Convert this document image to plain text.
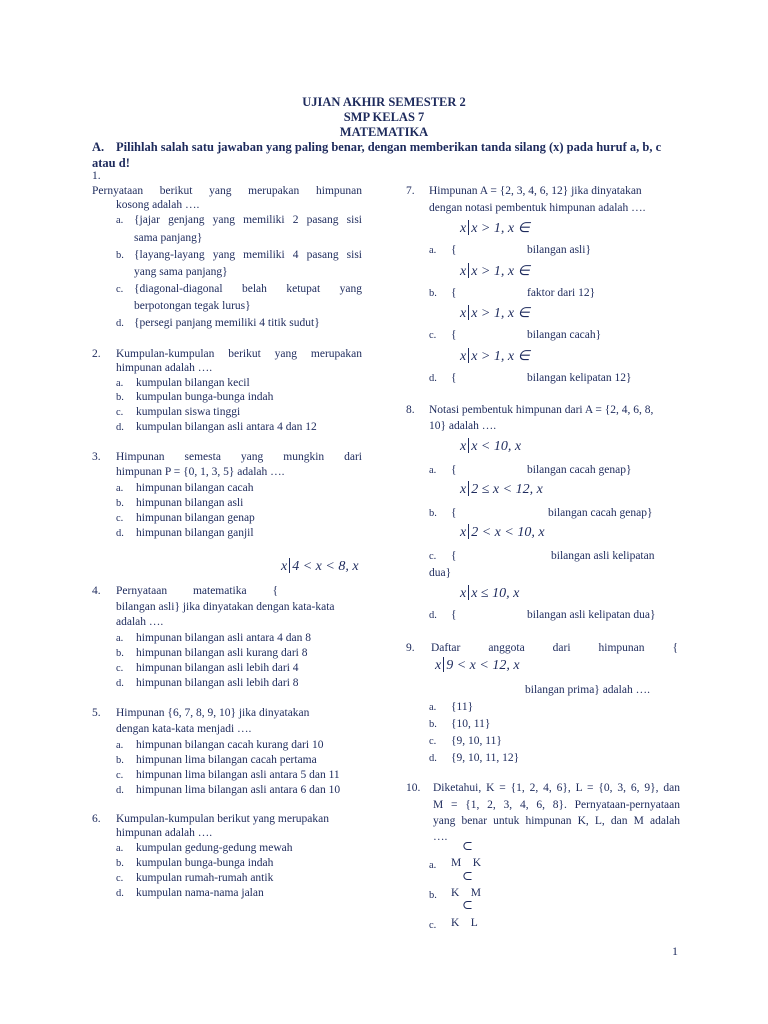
UJIAN AKHIR SEMESTER 2
SMP KELAS 7
MATEMATIKA
A. Pilihlah salah satu jawaban yang paling benar, dengan memberikan tanda silang (x) pada huruf a, b, c
atau d!
1.
Pernyataan berikut yang merupakan himpunan
kosong adalah ….
a. {jajar genjang yang memiliki 2 pasang sisi
sama panjang}
b. {layang-layang yang memiliki 4 pasang sisi
yang sama panjang}
c. {diagonal-diagonal belah ketupat yang
berpotongan tegak lurus}
d. {persegi panjang memiliki 4 titik sudut}
2. Kumpulan-kumpulan berikut yang merupakan
himpunan adalah ….
a. kumpulan bilangan kecil
b. kumpulan bunga-bunga indah
c. kumpulan siswa tinggi
d. kumpulan bilangan asli antara 4 dan 12
3. Himpunan semesta yang mungkin dari
himpunan P = {0, 1, 3, 5} adalah ….
a. himpunan bilangan cacah
b. himpunan bilangan asli
c. himpunan bilangan genap
d. himpunan bilangan ganjil
x 4 < x < 8, x
4. Pernyataan matematika {
bilangan asli} jika dinyatakan dengan kata-kata
adalah ….
a. himpunan bilangan asli antara 4 dan 8
b. himpunan bilangan asli kurang dari 8
c. himpunan bilangan asli lebih dari 4
d. himpunan bilangan asli lebih dari 8
5. Himpunan {6, 7, 8, 9, 10} jika dinyatakan
dengan kata-kata menjadi ….
a. himpunan bilangan cacah kurang dari 10
b. himpunan lima bilangan cacah pertama
c. himpunan lima bilangan asli antara 5 dan 11
d. himpunan lima bilangan asli antara 6 dan 10
6. Kumpulan-kumpulan berikut yang merupakan
himpunan adalah ….
a. kumpulan gedung-gedung mewah
b. kumpulan bunga-bunga indah
c. kumpulan rumah-rumah antik
d. kumpulan nama-nama jalan
7. Himpunan A = {2, 3, 4, 6, 12} jika dinyatakan
dengan notasi pembentuk himpunan adalah ….
x x > 1, x ∈
a. {	bilangan asli}
x x > 1, x ∈
b. {	faktor dari 12}
x x > 1, x ∈
c. {	bilangan cacah}
x x > 1, x ∈
d. {	bilangan kelipatan 12}
8. Notasi pembentuk himpunan dari A = {2, 4, 6, 8,
10} adalah ….
x x < 10, x
a. {	bilangan cacah genap}
x 2 ≤ x < 12, x
b. {	bilangan cacah genap}
x 2 < x < 10, x
c. {	bilangan asli kelipatan
dua}
x x ≤ 10, x
d. {	bilangan asli kelipatan dua}
9. Daftar anggota dari himpunan {
x 9 < x < 12, x
bilangan prima} adalah ….
a. {11}
b. {10, 11}
c. {9, 10, 11}
d. {9, 10, 11, 12}
10. Diketahui, K = {1, 2, 4, 6}, L = {0, 3, 6, 9}, dan
M = {1, 2, 3, 4, 6, 8}. Pernyataan-pernyataan
yang benar untuk himpunan K, L, dan M adalah
….
⊂
a. M    K
⊂
b. K    M
⊂
c. K    L
1
